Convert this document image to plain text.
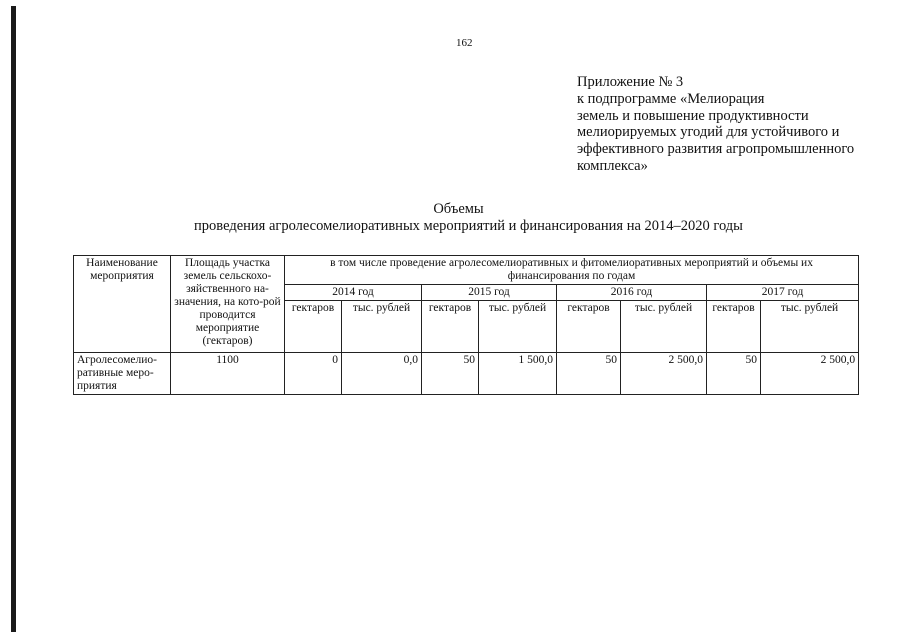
162
Приложение № 3
к подпрограмме «Мелиорация
земель и повышение продуктивности
мелиорируемых угодий для устойчивого и
эффективного развития агропромышленного
комплекса»
Объемы
проведения агролесомелиоративных мероприятий и финансирования на 2014–2020 годы
Наименование мероприятия	Площадь участка земель сельскохо-зяйственного на-значения, на кото-рой проводится мероприятие (гектаров)	в том числе проведение агролесомелиоративных и фитомелиоративных мероприятий и объемы их финансирования по годам							
		2014 год		2015 год		2016 год		2017 год	
		гектаров	тыс. рублей	гектаров	тыс. рублей	гектаров	тыс. рублей	гектаров	тыс. рублей
Агролесомелио-ративные меро-приятия	1100	0	0,0	50	1 500,0	50	2 500,0	50	2 500,0
